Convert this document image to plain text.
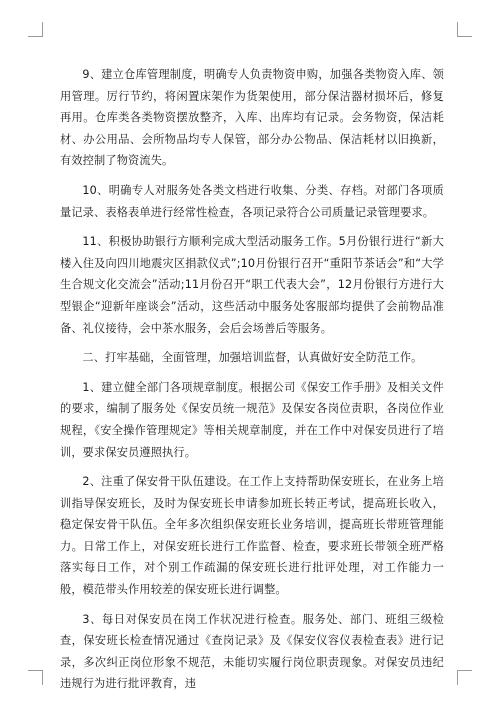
9、建立仓库管理制度，明确专人负责物资申购，加强各类物资入库、领用管理。厉行节约，将闲置床架作为货架使用，部分保洁器材损坏后，修复再用。仓库类各类物资摆放整齐，入库、出库均有记录。会务物资，保洁耗材、办公用品、会所物品均专人保管，部分办公物品、保洁耗材以旧换新，有效控制了物资流失。

10、明确专人对服务处各类文档进行收集、分类、存档。对部门各项质量记录、表格表单进行经常性检查，各项记录符合公司质量记录管理要求。

11、积极协助银行方顺利完成大型活动服务工作。5月份银行进行“新大楼入住及向四川地震灾区捐款仪式”;10月份银行召开“重阳节茶话会”和“大学生合规文化交流会”活动;11月份召开“职工代表大会”，12月份银行方进行大型银企“迎新年座谈会”活动，这些活动中服务处客服部均提供了会前物品准备、礼仪接待，会中茶水服务，会后会场善后等服务。

二、打牢基础，全面管理，加强培训监督，认真做好安全防范工作。

1、建立健全部门各项规章制度。根据公司《保安工作手册》及相关文件的要求，编制了服务处《保安员统一规范》及保安各岗位责职，各岗位作业规程，《安全操作管理规定》等相关规章制度，并在工作中对保安员进行了培训，要求保安员遵照执行。

2、注重了保安骨干队伍建设。在工作上支持帮助保安班长，在业务上培训指导保安班长，及时为保安班长申请参加班长转正考试，提高班长收入，稳定保安骨干队伍。全年多次组织保安班长业务培训，提高班长带班管理能力。日常工作上，对保安班长进行工作监督、检查，要求班长带领全班严格落实每日工作，对个别工作疏漏的保安班长进行批评处理，对工作能力一般，模范带头作用较差的保安班长进行调整。

3、每日对保安员在岗工作状况进行检查。服务处、部门、班组三级检查，保安班长检查情况通过《查岗记录》及《保安仪容仪表检查表》进行记录，多次纠正岗位形象不规范，未能切实履行岗位职责现象。对保安员违纪违规行为进行批评教育，违
